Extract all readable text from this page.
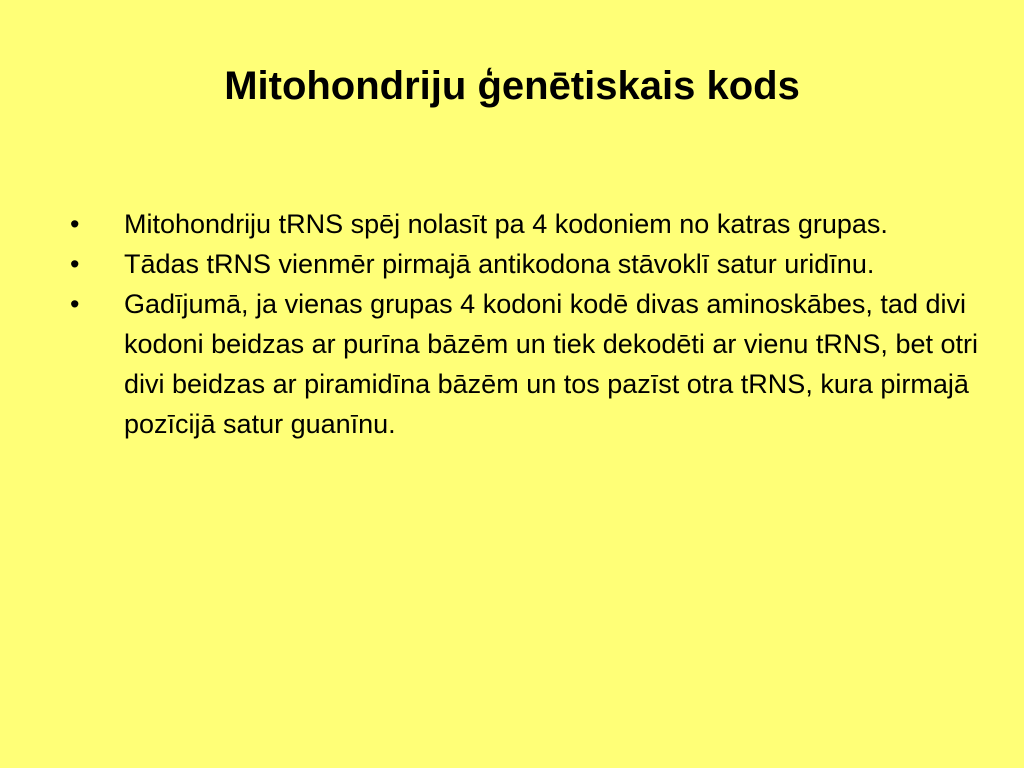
Mitohondriju ģenētiskais kods
•	Mitohondriju tRNS spēj nolasīt pa 4 kodoniem no katras grupas.
•	Tādas tRNS vienmēr pirmajā antikodona stāvoklī satur uridīnu.
•	Gadījumā, ja vienas grupas 4 kodoni kodē divas aminoskābes, tad divi kodoni beidzas ar purīna bāzēm un tiek dekodēti ar vienu tRNS, bet otri divi beidzas ar piramidīna bāzēm un tos pazīst otra tRNS, kura pirmajā pozīcijā satur guanīnu.
